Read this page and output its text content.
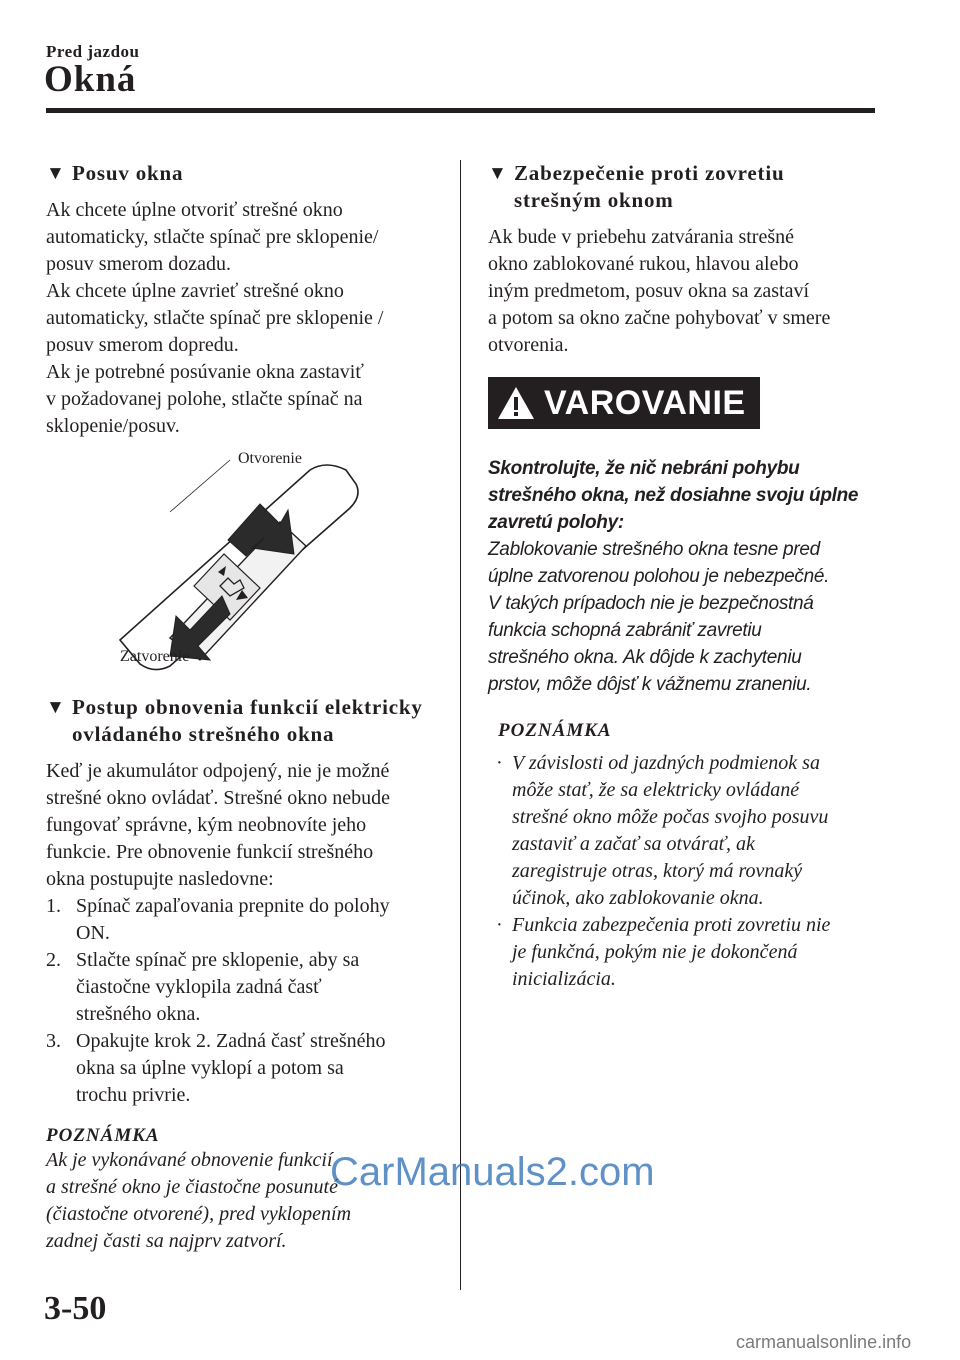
Pred jazdou
Okná
▼ Posuv okna

Ak chcete úplne otvoriť strešné okno
automaticky, stlačte spínač pre sklopenie/
posuv smerom dozadu.
Ak chcete úplne zavrieť strešné okno
automaticky, stlačte spínač pre sklopenie /
posuv smerom dopredu.
Ak je potrebné posúvanie okna zastaviť
v požadovanej polohe, stlačte spínač na
sklopenie/posuv.

Otvorenie
Zatvorenie
▼ Postup obnovenia funkcií elektricky
ovládaného strešného okna

Keď je akumulátor odpojený, nie je možné
strešné okno ovládať. Strešné okno nebude
fungovať správne, kým neobnovíte jeho
funkcie. Pre obnovenie funkcií strešného
okna postupujte nasledovne:

1. Spínač zapaľovania prepnite do polohy
ON.
2. Stlačte spínač pre sklopenie, aby sa
čiastočne vyklopila zadná časť
strešného okna.
3. Opakujte krok 2. Zadná časť strešného
okna sa úplne vyklopí a potom sa
trochu privrie.
POZNÁMKA
Ak je vykonávané obnovenie funkcií
a strešné okno je čiastočne posunuté
(čiastočne otvorené), pred vyklopením
zadnej časti sa najprv zatvorí.
▼ Zabezpečenie proti zovretiu
strešným oknom

Ak bude v priebehu zatvárania strešné
okno zablokované rukou, hlavou alebo
iným predmetom, posuv okna sa zastaví
a potom sa okno začne pohybovať v smere
otvorenia.

VAROVANIE
Skontrolujte, že nič nebráni pohybu
strešného okna, než dosiahne svoju úplne
zavretú polohy:
Zablokovanie strešného okna tesne pred
úplne zatvorenou polohou je nebezpečné.
V takých prípadoch nie je bezpečnostná
funkcia schopná zabrániť zavretiu
strešného okna. Ak dôjde k zachyteniu
prstov, môže dôjsť k vážnemu zraneniu.
POZNÁMKA
· V závislosti od jazdných podmienok sa
môže stať, že sa elektricky ovládané
strešné okno môže počas svojho posuvu
zastaviť a začať sa otvárať, ak
zaregistruje otras, ktorý má rovnaký
účinok, ako zablokovanie okna.
· Funkcia zabezpečenia proti zovretiu nie
je funkčná, pokým nie je dokončená
inicializácia.
3-50
CarManuals2.com
carmanualsonline.info
